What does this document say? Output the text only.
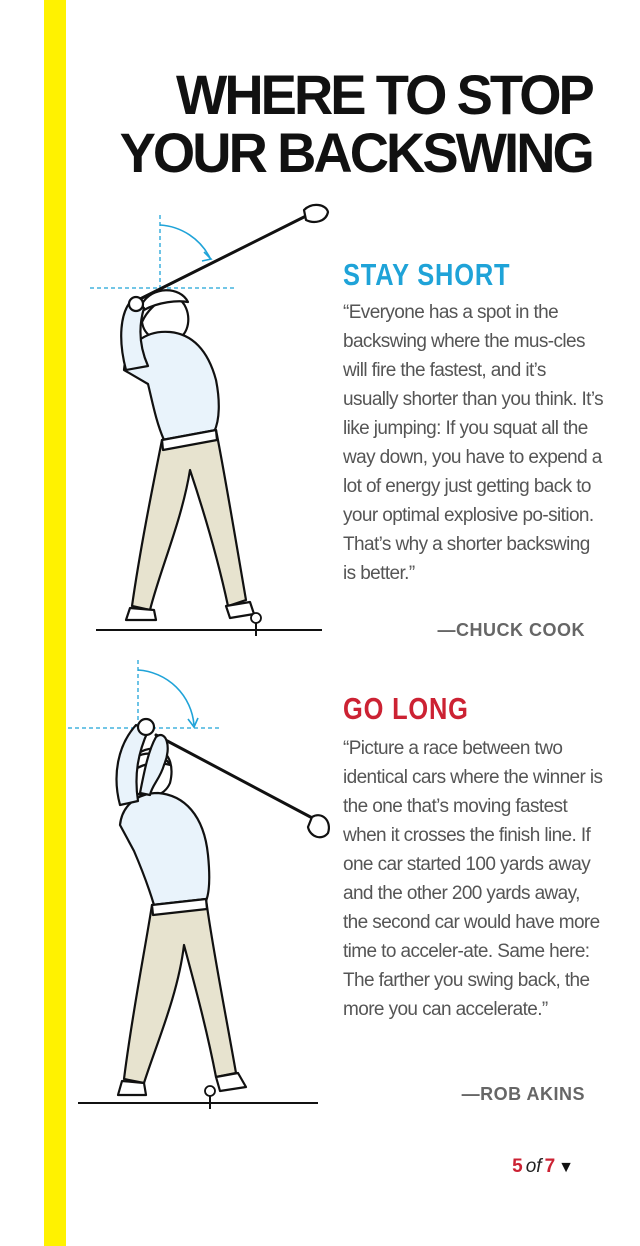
WHERE TO STOP
YOUR BACKSWING
STAY SHORT

“Everyone has a spot in the backswing where the mus-cles will fire the fastest, and it’s usually shorter than you think. It’s like jumping: If you squat all the way down, you have to expend a lot of energy just getting back to your optimal explosive po-sition. That’s why a shorter backswing is better.”

—CHUCK COOK

GO LONG

“Picture a race between two identical cars where the winner is the one that’s moving fastest when it crosses the finish line. If one car started 100 yards away and the other 200 yards away, the second car would have more time to acceler-ate. Same here: The farther you swing back, the more you can accelerate.”

—ROB AKINS

5 of 7 ▼
